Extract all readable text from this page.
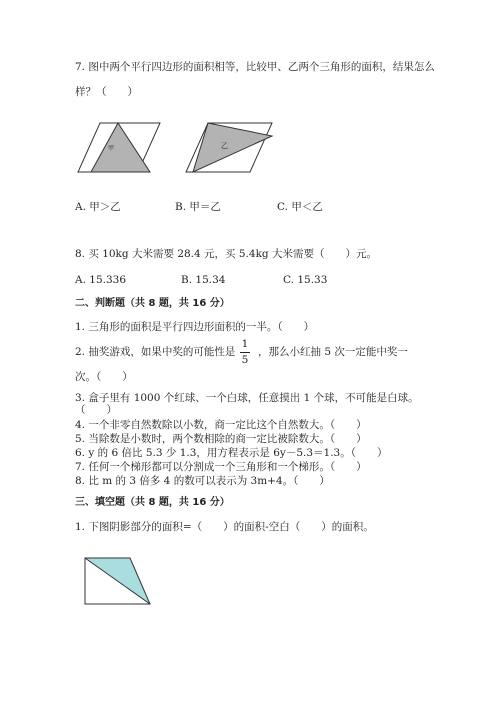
7. 图中两个平行四边形的面积相等，比较甲、乙两个三角形的面积，结果怎么
样？（　　）
甲	乙
A. 甲＞乙	B. 甲＝乙	C. 甲＜乙
8. 买 10kg 大米需要 28.4 元，买 5.4kg 大米需要（　　）元。
A. 15.336	B. 15.34	C. 15.33
二、判断题（共 8 题，共 16 分）
1. 三角形的面积是平行四边形面积的一半。（　　）
2. 抽奖游戏，如果中奖的可能性是
1
5
，那么小红抽 5 次一定能中奖一
次。（　　）
3. 盒子里有 1000 个红球、一个白球，任意摸出 1 个球，不可能是白球。
（　　）
4. 一个非零自然数除以小数，商一定比这个自然数大。（　　）
5. 当除数是小数时，两个数相除的商一定比被除数大。（　　）
6. y 的 6 倍比 5.3 少 1.3，用方程表示是 6y－5.3＝1.3。（　　）
7. 任何一个梯形都可以分割成一个三角形和一个梯形。（　　）
8. 比 m 的 3 倍多 4 的数可以表示为 3m+4。（　　）
三、填空题（共 8 题，共 16 分）
1. 下图阴影部分的面积=（　　）的面积-空白（　　）的面积。
